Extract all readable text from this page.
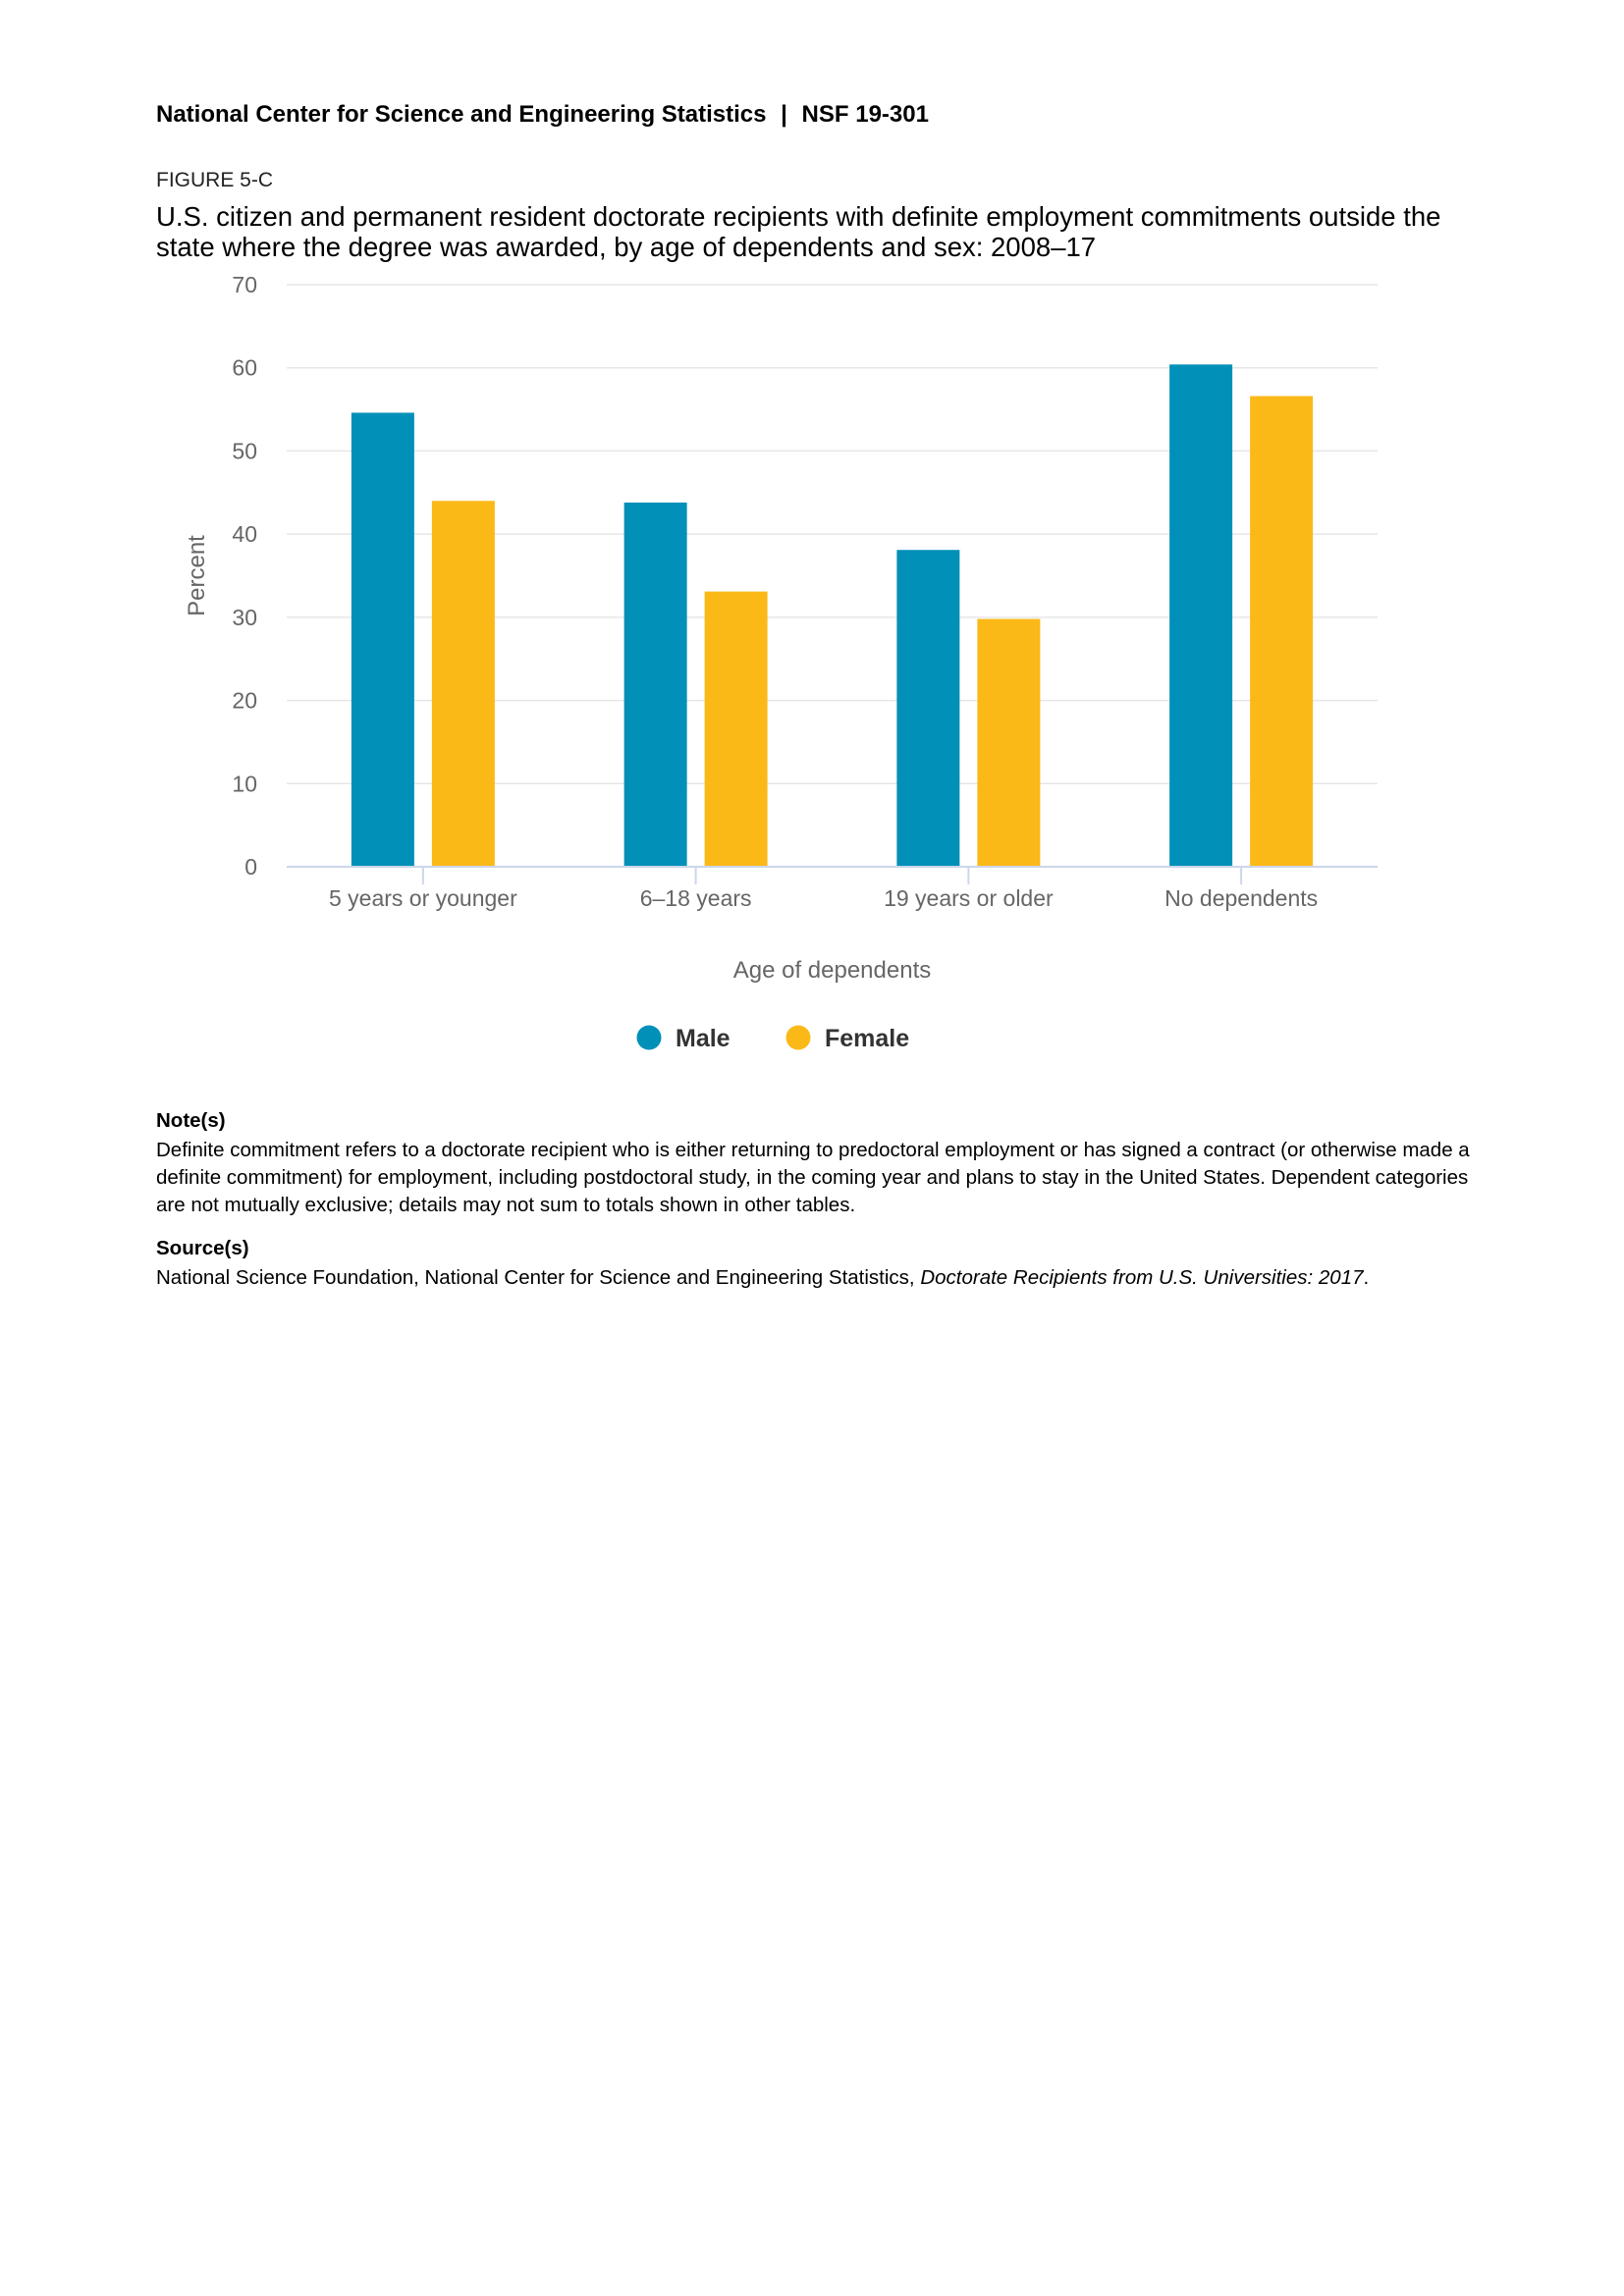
National Center for Science and Engineering Statistics | NSF 19-301
FIGURE 5-C
U.S. citizen and permanent resident doctorate recipients with definite employment commitments outside the state where the degree was awarded, by age of dependents and sex: 2008–17
0
10
20
30
40
50
60
70
5 years or younger	6–18 years	19 years or older	No dependents
Age of dependents
Percent
Male	Female

Note(s)

Definite commitment refers to a doctorate recipient who is either returning to predoctoral employment or has signed a contract (or otherwise made a definite commitment) for employment, including postdoctoral study, in the coming year and plans to stay in the United States. Dependent categories are not mutually exclusive; details may not sum to totals shown in other tables.

Source(s)

National Science Foundation, National Center for Science and Engineering Statistics, Doctorate Recipients from U.S. Universities: 2017.
